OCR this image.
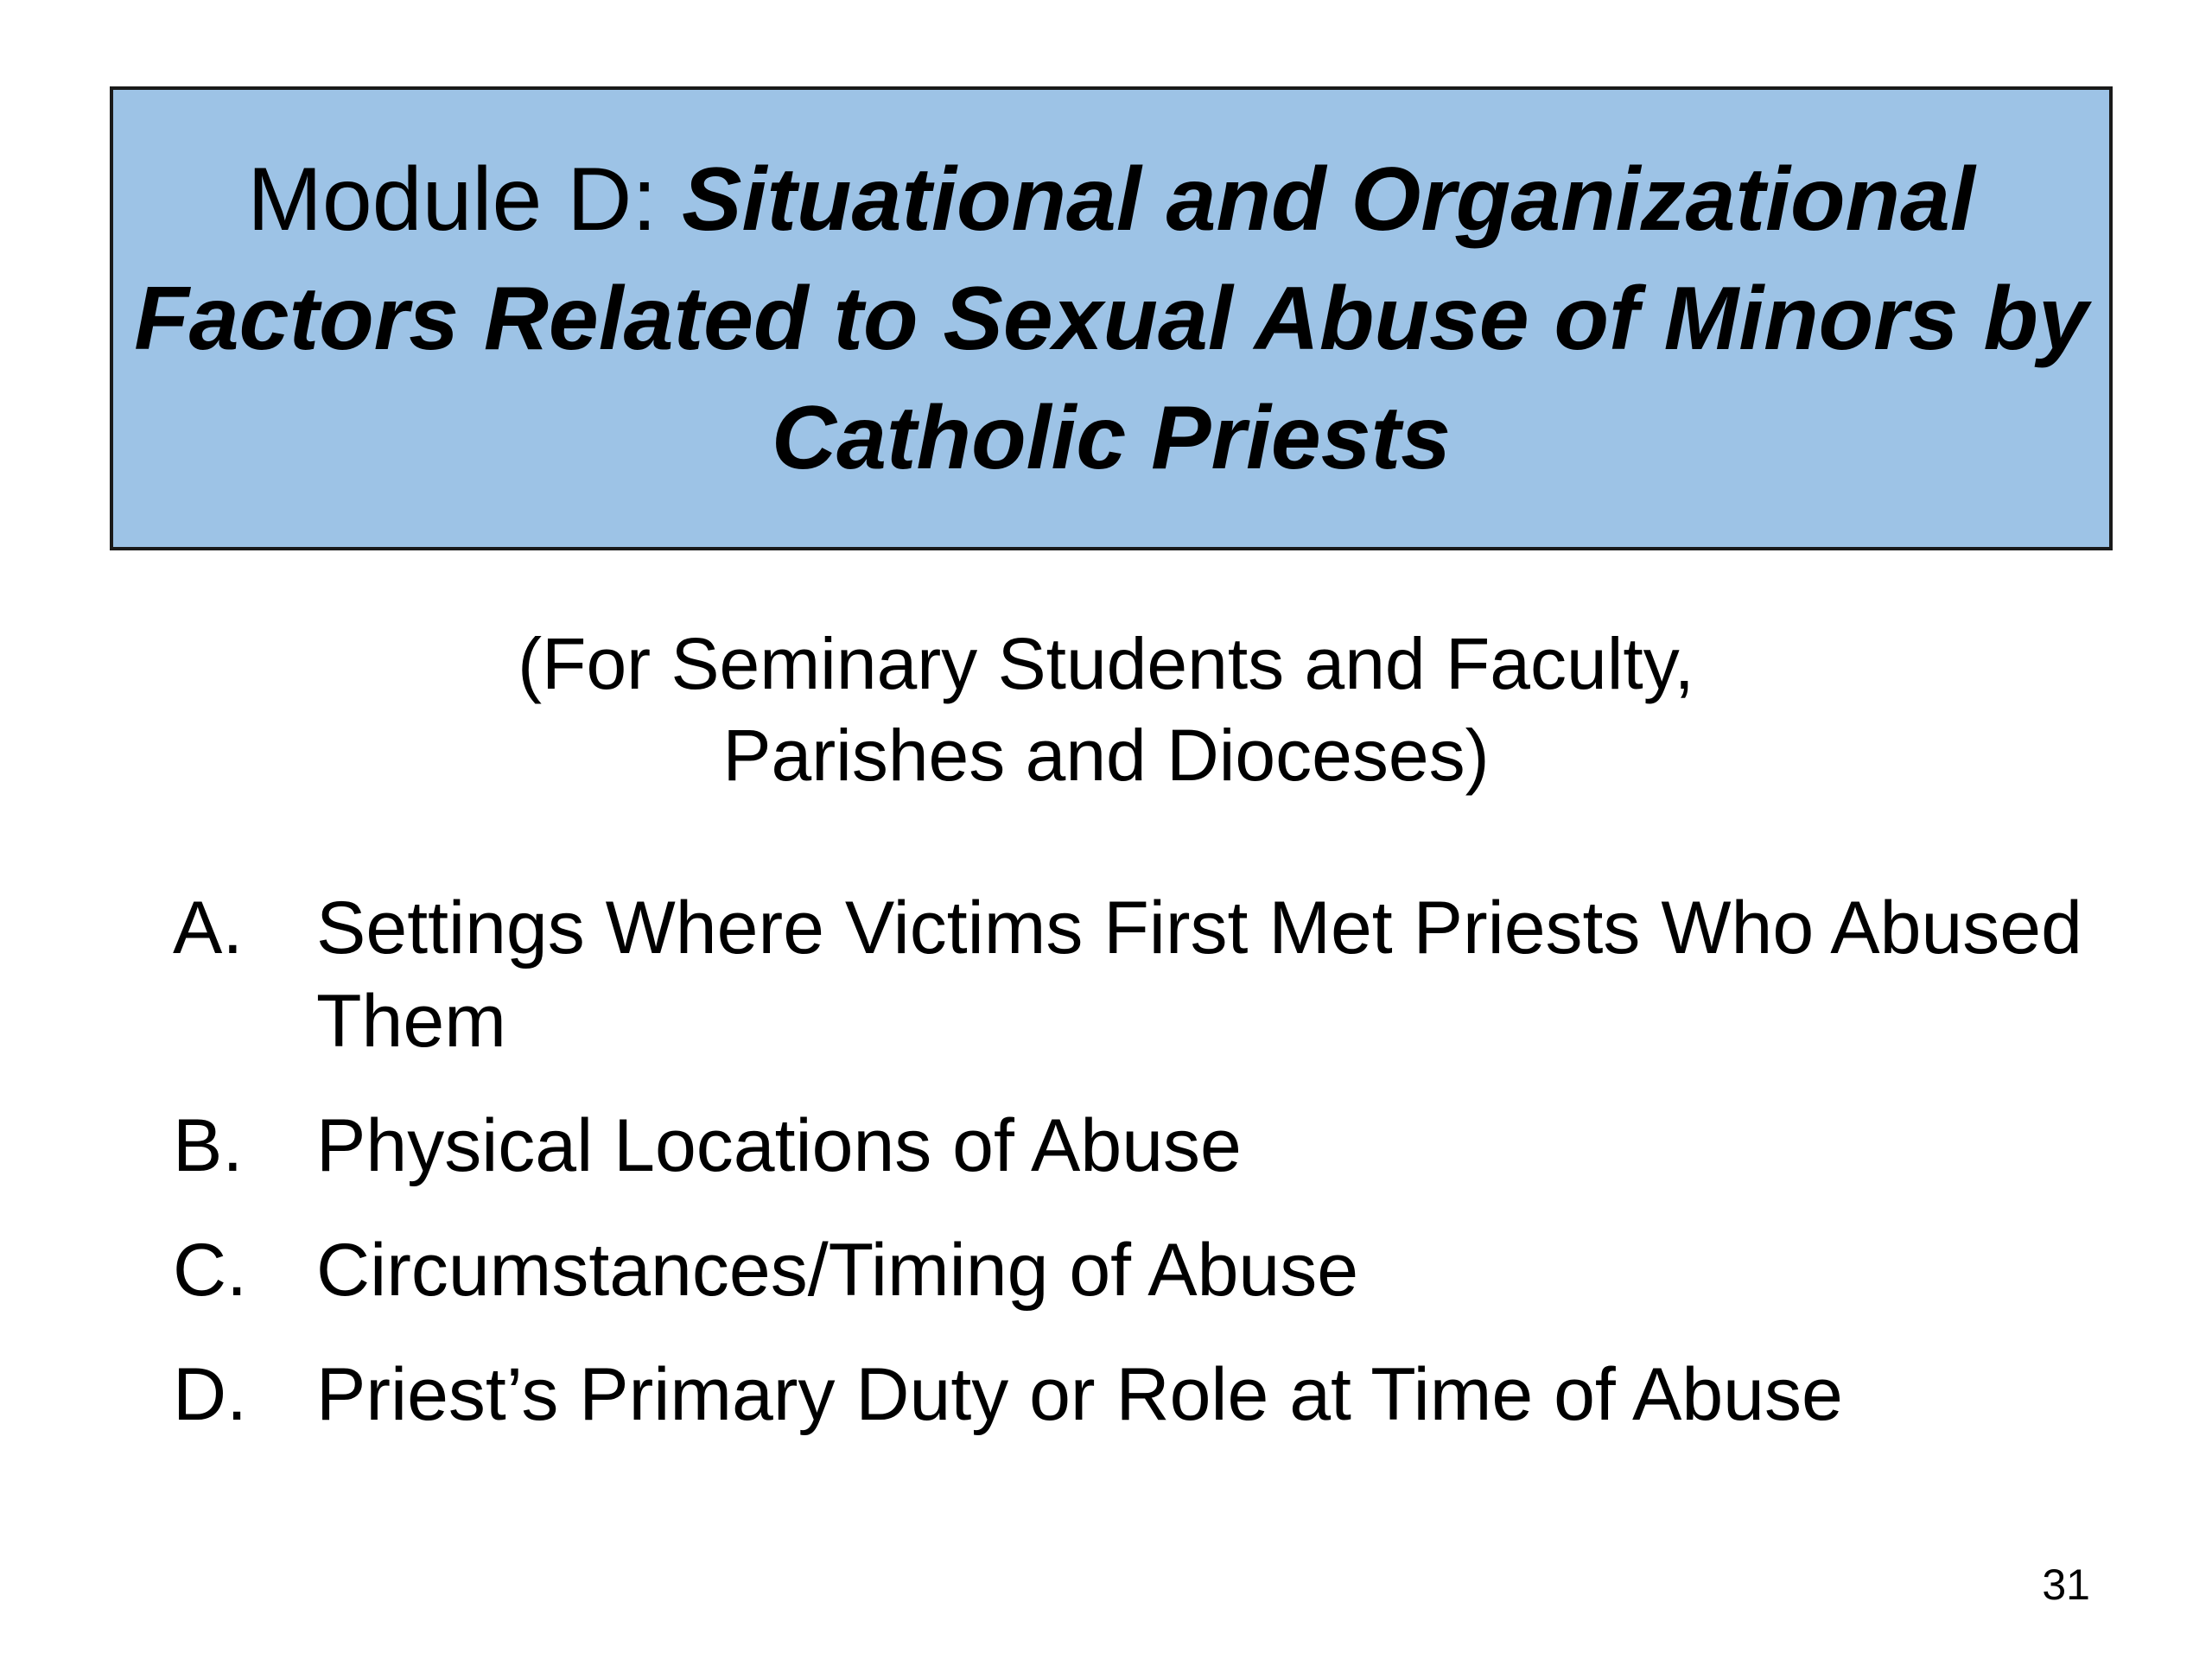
Module D: Situational and Organizational Factors Related to Sexual Abuse of Minors by Catholic Priests
(For Seminary Students and Faculty,
Parishes and Dioceses)
A. Settings Where Victims First Met Priests Who Abused Them
B. Physical Locations of Abuse
C. Circumstances/Timing of Abuse
D. Priest’s Primary Duty or Role at Time of Abuse
31
